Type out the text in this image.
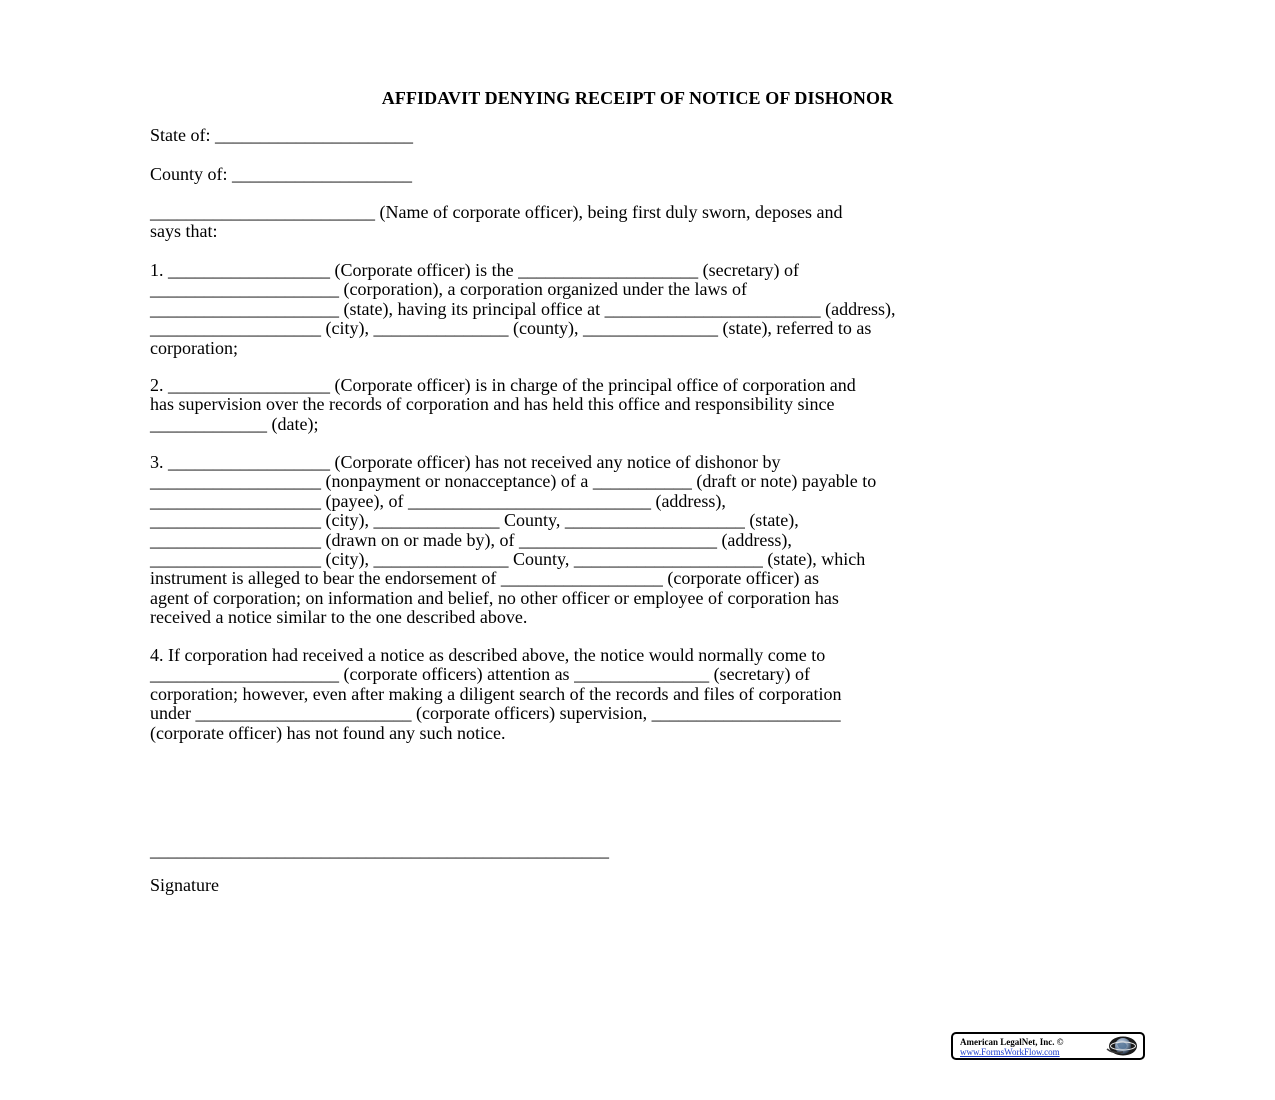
AFFIDAVIT DENYING RECEIPT OF NOTICE OF DISHONOR
State of: ______________________
County of: ____________________
_________________________ (Name of corporate officer), being first duly sworn, deposes and
says that:
1. __________________ (Corporate officer) is the ____________________ (secretary) of
_____________________ (corporation), a corporation organized under the laws of
_____________________ (state), having its principal office at ________________________ (address),
___________________ (city), _______________ (county), _______________ (state), referred to as
corporation;
2. __________________ (Corporate officer) is in charge of the principal office of corporation and
has supervision over the records of corporation and has held this office and responsibility since
_____________ (date);
3. __________________ (Corporate officer) has not received any notice of dishonor by
___________________ (nonpayment or nonacceptance) of a ___________ (draft or note) payable to
___________________ (payee), of ___________________________ (address),
___________________ (city), ______________ County, ____________________ (state),
___________________ (drawn on or made by), of ______________________ (address),
___________________ (city), _______________ County, _____________________ (state), which
instrument is alleged to bear the endorsement of __________________ (corporate officer) as
agent of corporation; on information and belief, no other officer or employee of corporation has
received a notice similar to the one described above.
4. If corporation had received a notice as described above, the notice would normally come to
_____________________ (corporate officers) attention as _______________ (secretary) of
corporation; however, even after making a diligent search of the records and files of corporation
under ________________________ (corporate officers) supervision, _____________________
(corporate officer) has not found any such notice.
___________________________________________________
Signature
American LegalNet, Inc. ©
www.FormsWorkFlow.com
